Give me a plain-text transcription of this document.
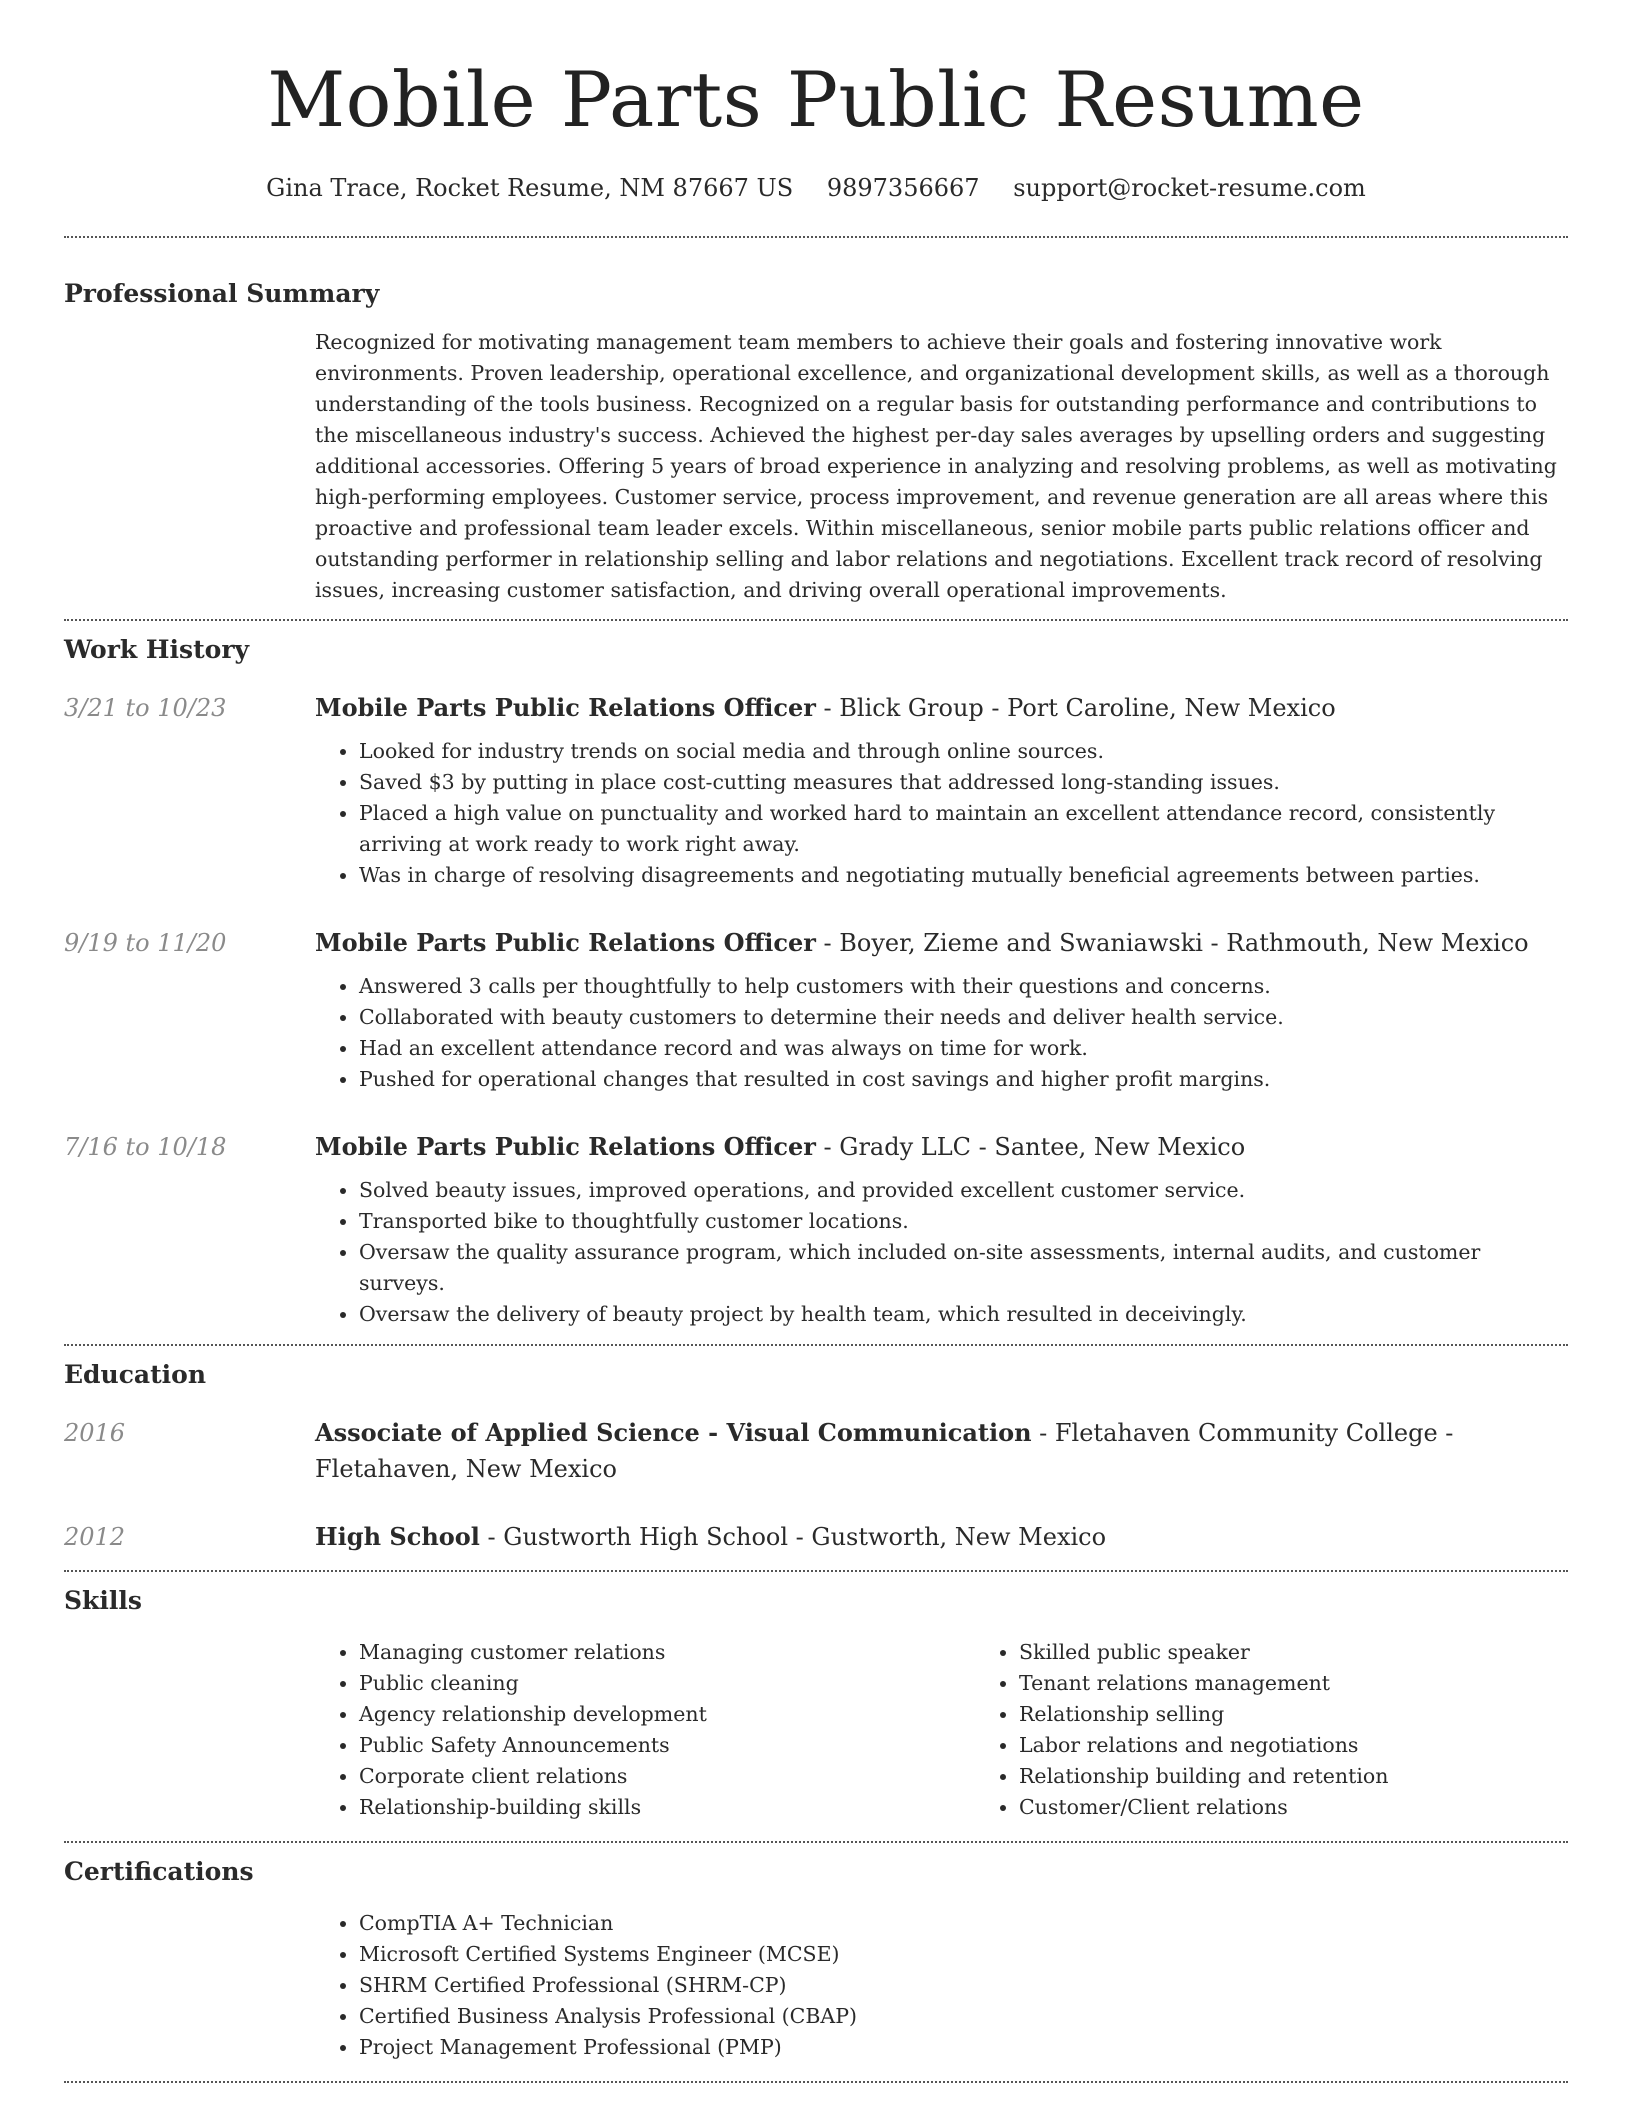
Mobile Parts Public Resume
Gina Trace, Rocket Resume, NM 87667 US 9897356667 support@rocket-resume.com
Professional Summary
Recognized for motivating management team members to achieve their goals and fostering innovative work environments. Proven leadership, operational excellence, and organizational development skills, as well as a thorough understanding of the tools business. Recognized on a regular basis for outstanding performance and contributions to the miscellaneous industry's success. Achieved the highest per-day sales averages by upselling orders and suggesting additional accessories. Offering 5 years of broad experience in analyzing and resolving problems, as well as motivating high-performing employees. Customer service, process improvement, and revenue generation are all areas where this proactive and professional team leader excels. Within miscellaneous, senior mobile parts public relations officer and outstanding performer in relationship selling and labor relations and negotiations. Excellent track record of resolving issues, increasing customer satisfaction, and driving overall operational improvements.
Work History
3/21 to 10/23	Mobile Parts Public Relations Officer - Blick Group - Port Caroline, New Mexico
• Looked for industry trends on social media and through online sources.
• Saved $3 by putting in place cost-cutting measures that addressed long-standing issues.
• Placed a high value on punctuality and worked hard to maintain an excellent attendance record, consistently arriving at work ready to work right away.
• Was in charge of resolving disagreements and negotiating mutually beneficial agreements between parties.
9/19 to 11/20	Mobile Parts Public Relations Officer - Boyer, Zieme and Swaniawski - Rathmouth, New Mexico
• Answered 3 calls per thoughtfully to help customers with their questions and concerns.
• Collaborated with beauty customers to determine their needs and deliver health service.
• Had an excellent attendance record and was always on time for work.
• Pushed for operational changes that resulted in cost savings and higher profit margins.
7/16 to 10/18	Mobile Parts Public Relations Officer - Grady LLC - Santee, New Mexico
• Solved beauty issues, improved operations, and provided excellent customer service.
• Transported bike to thoughtfully customer locations.
• Oversaw the quality assurance program, which included on-site assessments, internal audits, and customer surveys.
• Oversaw the delivery of beauty project by health team, which resulted in deceivingly.
Education
2016	Associate of Applied Science - Visual Communication - Fletahaven Community College - Fletahaven, New Mexico
2012	High School - Gustworth High School - Gustworth, New Mexico
Skills
• Managing customer relations
• Public cleaning
• Agency relationship development
• Public Safety Announcements
• Corporate client relations
• Relationship-building skills
• Skilled public speaker
• Tenant relations management
• Relationship selling
• Labor relations and negotiations
• Relationship building and retention
• Customer/Client relations
Certifications
• CompTIA A+ Technician
• Microsoft Certified Systems Engineer (MCSE)
• SHRM Certified Professional (SHRM-CP)
• Certified Business Analysis Professional (CBAP)
• Project Management Professional (PMP)
